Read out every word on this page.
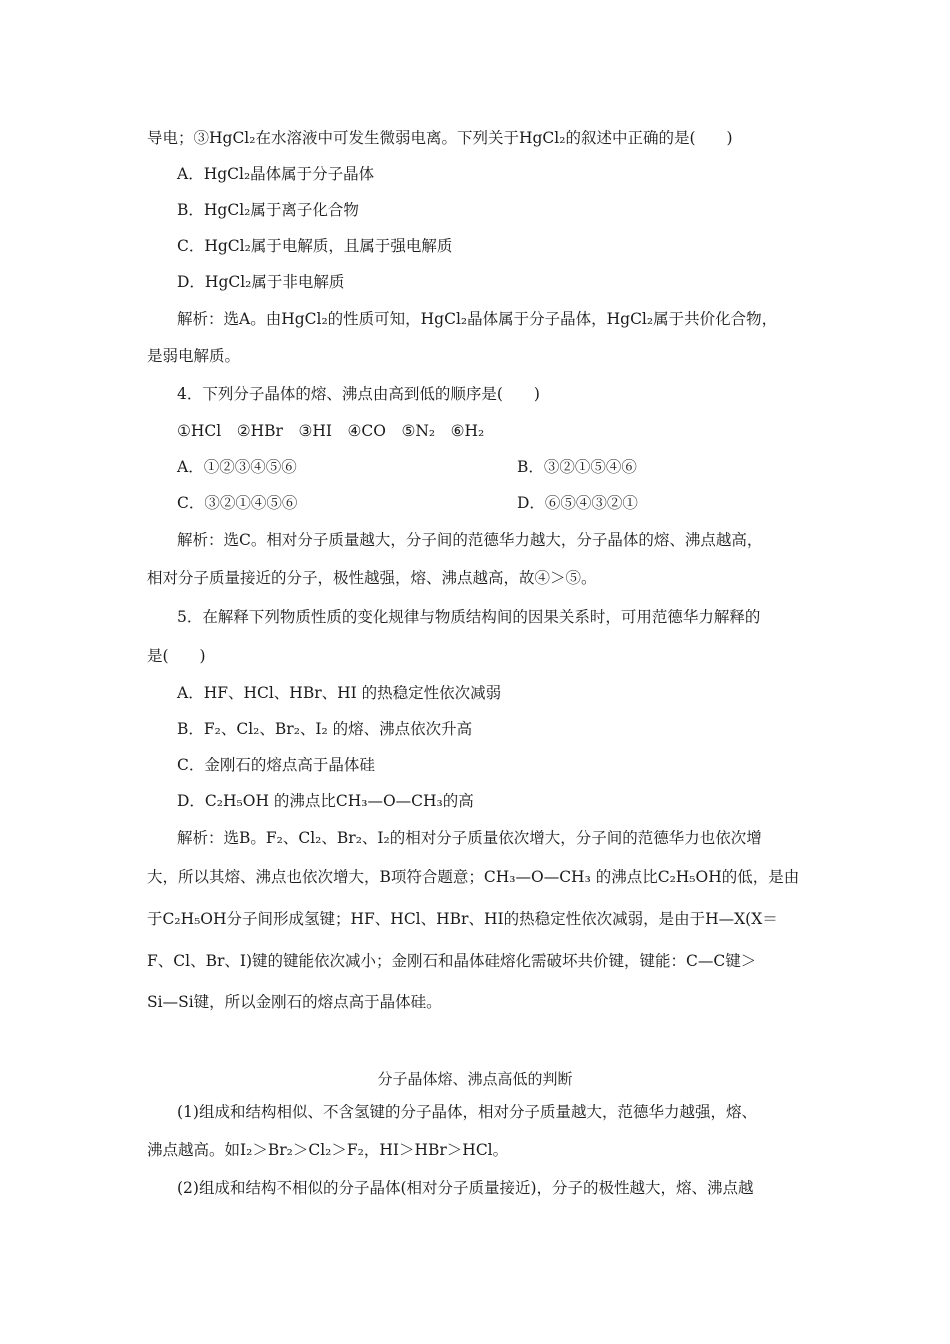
导电；③HgCl₂在水溶液中可发生微弱电离。下列关于HgCl₂的叙述中正确的是(　　)
A．HgCl₂晶体属于分子晶体
B．HgCl₂属于离子化合物
C．HgCl₂属于电解质，且属于强电解质
D．HgCl₂属于非电解质
解析：选A。由HgCl₂的性质可知，HgCl₂晶体属于分子晶体，HgCl₂属于共价化合物，
是弱电解质。
4．下列分子晶体的熔、沸点由高到低的顺序是(　　)
①HCl　②HBr　③HI　④CO　⑤N₂　⑥H₂
A．①②③④⑤⑥	B．③②①⑤④⑥
C．③②①④⑤⑥	D．⑥⑤④③②①
解析：选C。相对分子质量越大，分子间的范德华力越大，分子晶体的熔、沸点越高，
相对分子质量接近的分子，极性越强，熔、沸点越高，故④＞⑤。
5．在解释下列物质性质的变化规律与物质结构间的因果关系时，可用范德华力解释的
是(　　)
A．HF、HCl、HBr、HI 的热稳定性依次减弱
B．F₂、Cl₂、Br₂、I₂ 的熔、沸点依次升高
C．金刚石的熔点高于晶体硅
D．C₂H₅OH 的沸点比CH₃—O—CH₃的高
解析：选B。F₂、Cl₂、Br₂、I₂的相对分子质量依次增大，分子间的范德华力也依次增
大，所以其熔、沸点也依次增大，B项符合题意；CH₃—O—CH₃ 的沸点比C₂H₅OH的低，是由
于C₂H₅OH分子间形成氢键；HF、HCl、HBr、HI的热稳定性依次减弱，是由于H—X(X＝
F、Cl、Br、I)键的键能依次减小；金刚石和晶体硅熔化需破坏共价键，键能：C—C键＞
Si—Si键，所以金刚石的熔点高于晶体硅。
分子晶体熔、沸点高低的判断
(1)组成和结构相似、不含氢键的分子晶体，相对分子质量越大，范德华力越强，熔、
沸点越高。如I₂＞Br₂＞Cl₂＞F₂，HI＞HBr＞HCl。
(2)组成和结构不相似的分子晶体(相对分子质量接近)，分子的极性越大，熔、沸点越
